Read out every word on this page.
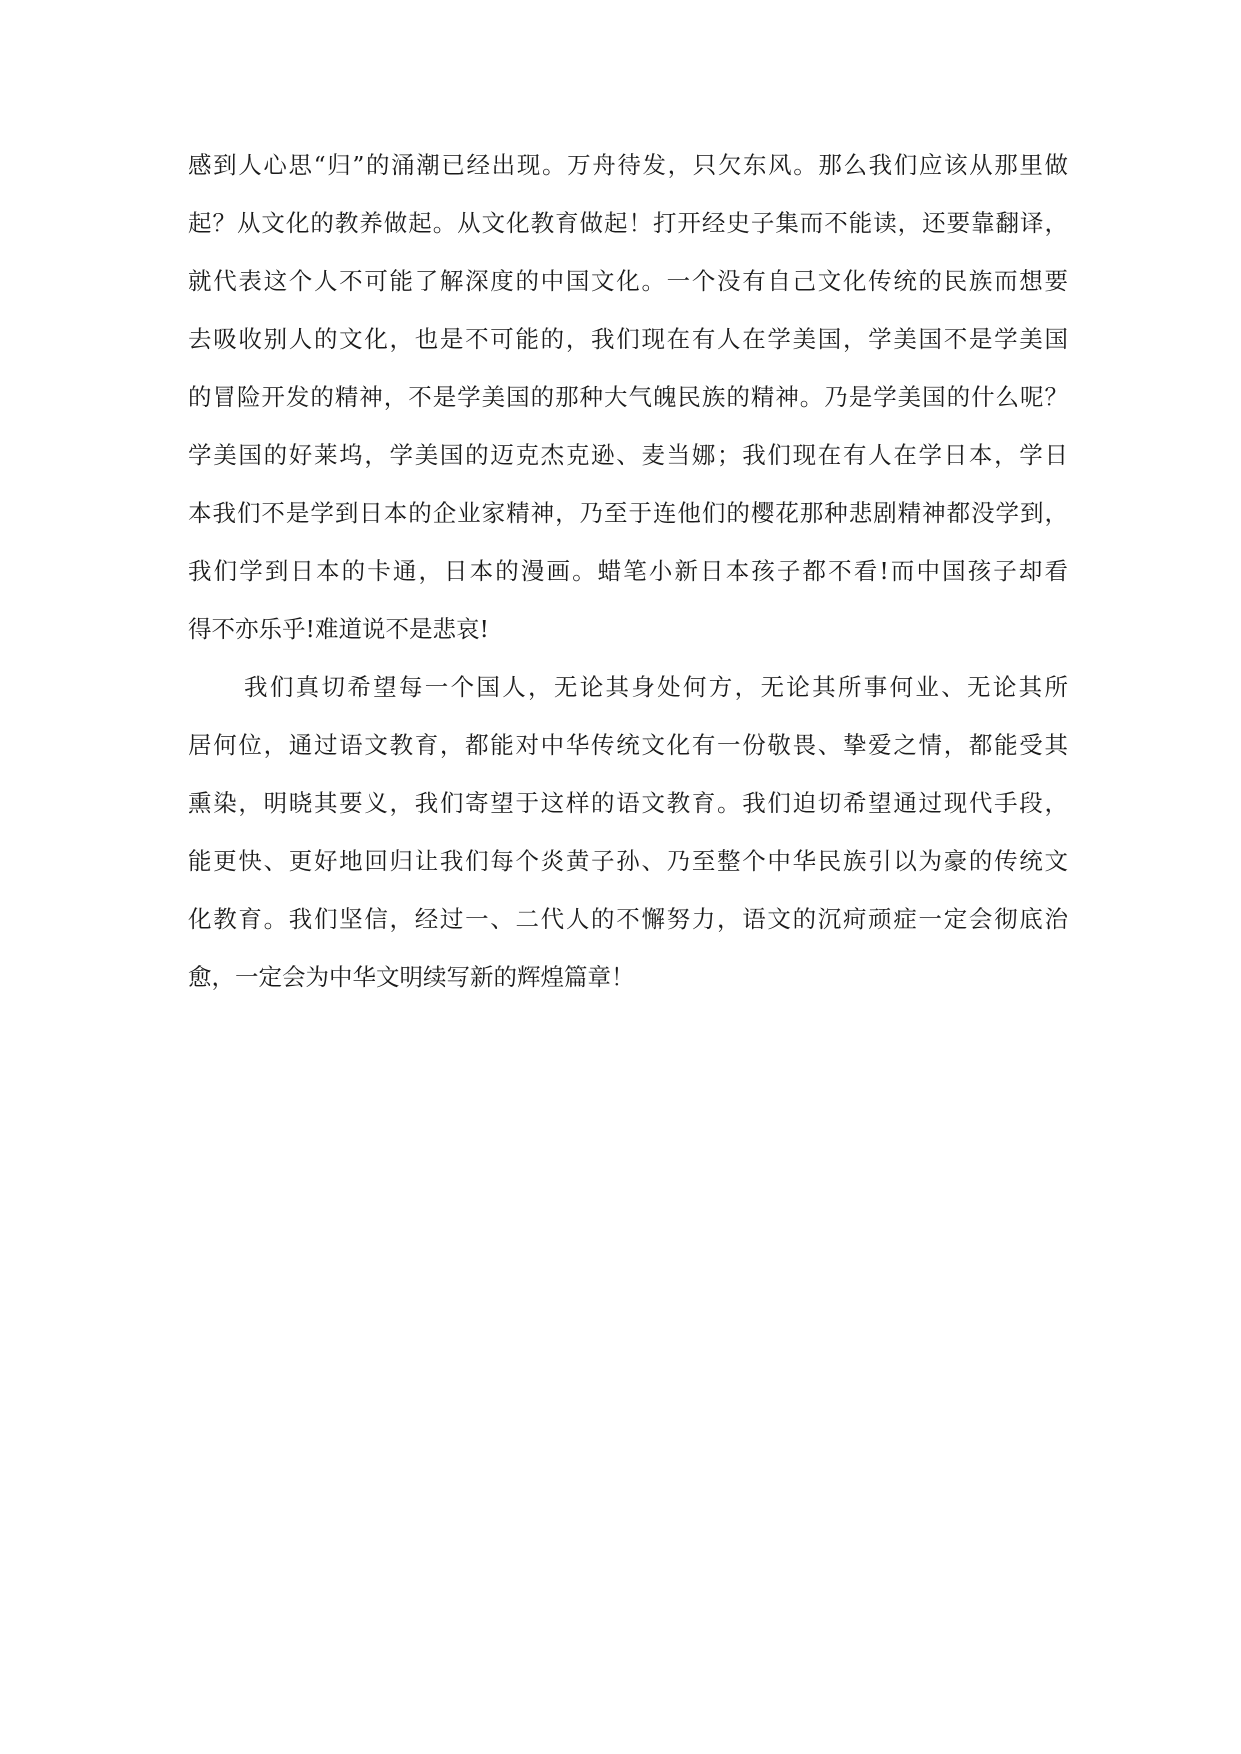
感到人心思“归”的涌潮已经出现。万舟待发，只欠东风。那么我们应该从那里做
起？从文化的教养做起。从文化教育做起！打开经史子集而不能读，还要靠翻译，
就代表这个人不可能了解深度的中国文化。一个没有自己文化传统的民族而想要
去吸收别人的文化，也是不可能的，我们现在有人在学美国，学美国不是学美国
的冒险开发的精神，不是学美国的那种大气魄民族的精神。乃是学美国的什么呢？
学美国的好莱坞，学美国的迈克杰克逊、麦当娜；我们现在有人在学日本，学日
本我们不是学到日本的企业家精神，乃至于连他们的樱花那种悲剧精神都没学到，
我们学到日本的卡通，日本的漫画。蜡笔小新日本孩子都不看!而中国孩子却看
得不亦乐乎!难道说不是悲哀!
我们真切希望每一个国人，无论其身处何方，无论其所事何业、无论其所
居何位，通过语文教育，都能对中华传统文化有一份敬畏、挚爱之情，都能受其
熏染，明晓其要义，我们寄望于这样的语文教育。我们迫切希望通过现代手段，
能更快、更好地回归让我们每个炎黄子孙、乃至整个中华民族引以为豪的传统文
化教育。我们坚信，经过一、二代人的不懈努力，语文的沉疴顽症一定会彻底治
愈，一定会为中华文明续写新的辉煌篇章！
